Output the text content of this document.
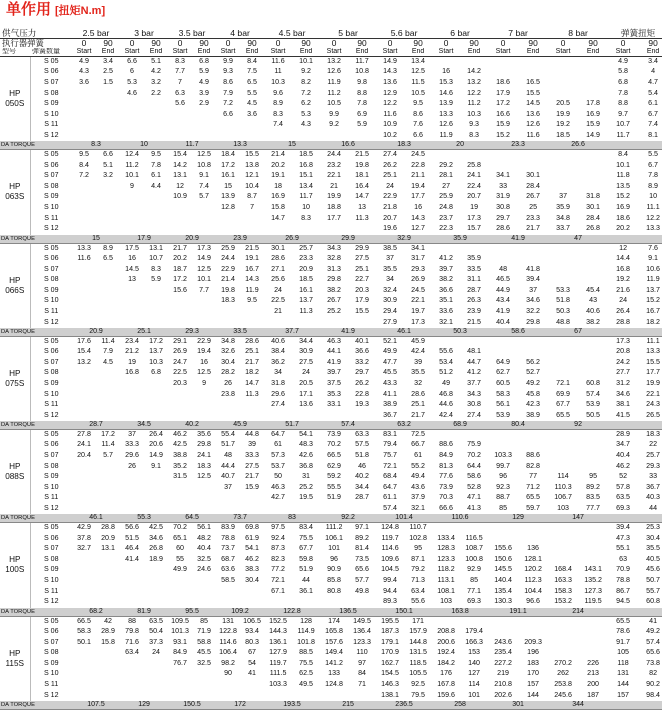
单作用 [扭矩N.m]
供气压力		2.5 bar		3 bar		3.5 bar		4 bar		4.5 bar		5 bar		5.6 bar		6 bar		7 bar		8 bar		弹簧扭矩	
执行器弹簧		0	90	0	90	0	90	0	90	0	90	0	90	0	90	0	90	0	90	0	90	0	90
型号	弹簧数量	Start	End	Start	End	Start	End	Start	End	Start	End	Start	End	Start	End	Start	End	Start	End	Start	End	Start	End
HP
050S	S 05	4.9	3.4	6.6	5.1	8.3	6.8	9.9	8.4	11.6	10.1	13.2	11.7	14.9	13.4							4.9	3.4
	S 06	4.3	2.5	6	4.2	7.7	5.9	9.3	7.5	11	9.2	12.6	10.8	14.3	12.5	16	14.2					5.8	4
	S 07	3.6	1.5	5.3	3.2	7	4.9	8.6	6.5	10.3	8.2	11.9	9.8	13.6	11.5	15.3	13.2	18.6	16.5			6.8	4.7
	S 08			4.6	2.2	6.3	3.9	7.9	5.5	9.6	7.2	11.2	8.8	12.9	10.5	14.6	12.2	17.9	15.5			7.8	5.4
	S 09					5.6	2.9	7.2	4.5	8.9	6.2	10.5	7.8	12.2	9.5	13.9	11.2	17.2	14.5	20.5	17.8	8.8	6.1
	S 10							6.6	3.6	8.3	5.3	9.9	6.9	11.6	8.6	13.3	10.3	16.6	13.6	19.9	16.9	9.7	6.7
	S 11									7.4	4.3	9.2	5.9	10.9	7.6	12.6	9.3	15.9	12.6	19.2	15.9	10.7	7.4
	S 12													10.2	6.6	11.9	8.3	15.2	11.6	18.5	14.9	11.7	8.1
DA TORQUE		8.3		10		11.7		13.3		15		16.6		18.3		20		23.3		26.6			
HP
063S	S 05	9.5	6.6	12.4	9.5	15.4	12.5	18.4	15.5	21.4	18.5	24.4	21.5	27.4	24.5							8.4	5.5
	S 06	8.4	5.1	11.2	7.8	14.2	10.8	17.2	13.8	20.2	16.8	23.2	19.8	26.2	22.8	29.2	25.8					10.1	6.7
	S 07	7.2	3.2	10.1	6.1	13.1	9.1	16.1	12.1	19.1	15.1	22.1	18.1	25.1	21.1	28.1	24.1	34.1	30.1			11.8	7.8
	S 08			9	4.4	12	7.4	15	10.4	18	13.4	21	16.4	24	19.4	27	22.4	33	28.4			13.5	8.9
	S 09					10.9	5.7	13.9	8.7	16.9	11.7	19.9	14.7	22.9	17.7	25.9	20.7	31.9	26.7	37	31.8	15.2	10
	S 10							12.8	7	15.8	10	18.8	13	21.8	16	24.8	19	30.8	25	35.9	30.1	16.9	11.1
	S 11									14.7	8.3	17.7	11.3	20.7	14.3	23.7	17.3	29.7	23.3	34.8	28.4	18.6	12.2
	S 12													19.6	12.7	22.3	15.7	28.6	21.7	33.7	26.8	20.2	13.3
DA TORQUE		15		17.9		20.9		23.9		26.9		29.9		32.9		35.9		41.9		47			
HP
066S	S 05	13.3	8.9	17.5	13.1	21.7	17.3	25.9	21.5	30.1	25.7	34.3	29.9	38.5	34.1							12	7.6
	S 06	11.6	6.5	16	10.7	20.2	14.9	24.4	19.1	28.6	23.3	32.8	27.5	37	31.7	41.2	35.9					14.4	9.1
	S 07			14.5	8.3	18.7	12.5	22.9	16.7	27.1	20.9	31.3	25.1	35.5	29.3	39.7	33.5	48	41.8			16.8	10.6
	S 08			13	5.9	17.2	10.1	21.4	14.3	25.6	18.5	29.8	22.7	34	26.9	38.2	31.1	46.5	39.4			19.2	11.9
	S 09					15.6	7.7	19.8	11.9	24	16.1	38.2	20.3	32.4	24.5	36.6	28.7	44.9	37	53.3	45.4	21.6	13.7
	S 10							18.3	9.5	22.5	13.7	26.7	17.9	30.9	22.1	35.1	26.3	43.4	34.6	51.8	43	24	15.2
	S 11									21	11.3	25.2	15.5	29.4	19.7	33.6	23.9	41.9	32.2	50.3	40.6	26.4	16.7
	S 12													27.9	17.3	32.1	21.5	40.4	29.8	48.8	38.2	28.8	18.2
DA TORQUE		20.9		25.1		29.3		33.5		37.7		41.9		46.1		50.3		58.6		67			
HP
075S	S 05	17.6	11.4	23.4	17.2	29.1	22.9	34.8	28.6	40.6	34.4	46.3	40.1	52.1	45.9							17.3	11.1
	S 06	15.4	7.9	21.2	13.7	26.9	19.4	32.6	25.1	38.4	30.9	44.1	36.6	49.9	42.4	55.6	48.1					20.8	13.3
	S 07	13.2	4.5	19	10.3	24.7	16	30.4	21.7	36.2	27.5	41.9	33.2	47.7	39	53.4	44.7	64.9	56.2			24.2	15.5
	S 08			16.8	6.8	22.5	12.5	28.2	18.2	34	24	39.7	29.7	45.5	35.5	51.2	41.2	62.7	52.7			27.7	17.7
	S 09					20.3	9	26	14.7	31.8	20.5	37.5	26.2	43.3	32	49	37.7	60.5	49.2	72.1	60.8	31.2	19.9
	S 10							23.8	11.3	29.6	17.1	35.3	22.8	41.1	28.6	46.8	34.3	58.3	45.8	69.9	57.4	34.6	22.1
	S 11									27.4	13.6	33.1	19.3	38.9	25.1	44.6	30.8	56.1	42.3	67.7	53.9	38.1	24.3
	S 12													36.7	21.7	42.4	27.4	53.9	38.9	65.5	50.5	41.5	26.5
DA TORQUE		28.7		34.5		40.2		45.9		51.7		57.4		63.2		68.9		80.4		92			
HP
088S	S 05	27.8	17.2	37	26.4	46.2	35.6	55.4	44.8	64.7	54.1	73.9	63.3	83.1	72.5							28.9	18.3
	S 06	24.1	11.4	33.3	20.6	42.5	29.8	51.7	39	61	48.3	70.2	57.5	79.4	66.7	88.6	75.9					34.7	22
	S 07	20.4	5.7	29.6	14.9	38.8	24.1	48	33.3	57.3	42.6	66.5	51.8	75.7	61	84.9	70.2	103.3	88.6			40.4	25.7
	S 08			26	9.1	35.2	18.3	44.4	27.5	53.7	36.8	62.9	46	72.1	55.2	81.3	64.4	99.7	82.8			46.2	29.3
	S 09					31.5	12.5	40.7	21.7	50	31	59.2	40.2	68.4	49.4	77.6	58.6	96	77	114	95	52	33
	S 10							37	15.9	46.3	25.2	55.5	34.4	64.7	43.6	73.9	52.8	92.3	71.2	110.3	89.2	57.8	36.7
	S 11									42.7	19.5	51.9	28.7	61.1	37.9	70.3	47.1	88.7	65.5	106.7	83.5	63.5	40.3
	S 12													57.4	32.1	66.6	41.3	85	59.7	103	77.7	69.3	44
DA TORQUE		46.1		55.3		64.5		73.7		83		92.2		101.4		110.6		129		147			
HP
100S	S 05	42.9	28.8	56.6	42.5	70.2	56.1	83.9	69.8	97.5	83.4	111.2	97.1	124.8	110.7							39.4	25.3
	S 06	37.8	20.9	51.5	34.6	65.1	48.2	78.8	61.9	92.4	75.5	106.1	89.2	119.7	102.8	133.4	116.5					47.3	30.4
	S 07	32.7	13.1	46.4	26.8	60	40.4	73.7	54.1	87.3	67.7	101	81.4	114.6	95	128.3	108.7	155.6	136			55.1	35.5
	S 08			41.4	18.9	55	32.5	68.7	46.2	82.3	59.8	96	73.5	109.6	87.1	123.3	100.8	150.6	128.1			63	40.5
	S 09					49.9	24.6	63.6	38.3	77.2	51.9	90.9	65.6	104.5	79.2	118.2	92.9	145.5	120.2	168.4	143.1	70.9	45.6
	S 10							58.5	30.4	72.1	44	85.8	57.7	99.4	71.3	113.1	85	140.4	112.3	163.3	135.2	78.8	50.7
	S 11									67.1	36.1	80.8	49.8	94.4	63.4	108.1	77.1	135.4	104.4	158.3	127.3	86.7	55.7
	S 12													89.3	55.6	103	69.3	130.3	96.6	153.2	119.5	94.5	60.8
DA TORQUE		68.2		81.9		95.5		109.2		122.8		136.5		150.1		163.8		191.1		214			
HP
115S	S 05	66.5	42	88	63.5	109.5	85	131	106.5	152.5	128	174	149.5	195.5	171							65.5	41
	S 06	58.3	28.9	79.8	50.4	101.3	71.9	122.8	93.4	144.3	114.9	165.8	136.4	187.3	157.9	208.8	179.4					78.6	49.2
	S 07	50.1	15.8	71.6	37.3	93.1	58.8	114.6	80.3	136.1	101.8	157.6	123.3	179.1	144.8	200.6	166.3	243.6	209.3			91.7	57.4
	S 08			63.4	24	84.9	45.5	106.4	67	127.9	88.5	149.4	110	170.9	131.5	192.4	153	235.4	196			105	65.6
	S 09					76.7	32.5	98.2	54	119.7	75.5	141.2	97	162.7	118.5	184.2	140	227.2	183	270.2	226	118	73.8
	S 10							90	41	111.5	62.5	133	84	154.5	105.5	176	127	219	170	262	213	131	82
	S 11									103.3	49.5	124.8	71	146.3	92.5	167.8	114	210.8	157	253.8	200	144	90.2
	S 12													138.1	79.5	159.6	101	202.6	144	245.6	187	157	98.4
DA TORQUE		107.5		129		150.5		172		193.5		215		236.5		258		301		344			
